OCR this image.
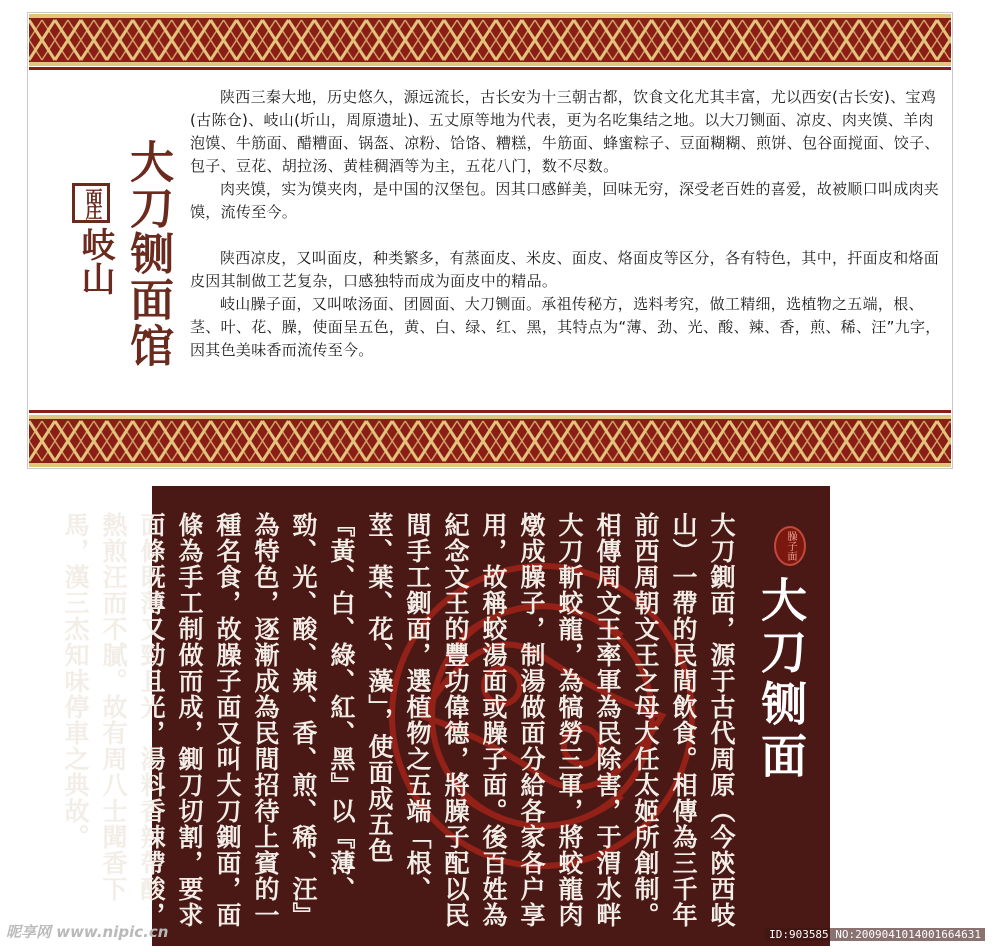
面庄
岐山 大刀铡面馆

陕西三秦大地，历史悠久，源远流长，古长安为十三朝古都，饮食文化尤其丰富，尤以西安(古长安)、宝鸡(古陈仓)、岐山(圻山，周原遗址)、五丈原等地为代表，更为名吃集结之地。以大刀铡面、凉皮、肉夹馍、羊肉泡馍、牛筋面、醋糟面、锅盔、凉粉、饸饹、糟糕，牛筋面、蜂蜜粽子、豆面糊糊、煎饼、包谷面搅面、饺子、包子、豆花、胡拉汤、黄桂稠酒等为主，五花八门，数不尽数。

肉夹馍，实为馍夹肉，是中国的汉堡包。因其口感鲜美，回味无穷，深受老百姓的喜爱，故被顺口叫成肉夹馍，流传至今。

陕西凉皮，又叫面皮，种类繁多，有蒸面皮、米皮、面皮、烙面皮等区分，各有特色，其中，扞面皮和烙面皮因其制做工艺复杂，口感独特而成为面皮中的精品。

岐山臊子面，又叫哝汤面、团圆面、大刀铡面。承祖传秘方，选料考究，做工精细，选植物之五端，根、茎、叶、花、臊，使面呈五色，黄、白、绿、红、黑，其特点为“薄、劲、光、酸、辣、香，煎、稀、汪”九字，因其色美味香而流传至今。

臊子面
大刀铡面
大刀鍘面，源于古代周原（今陝西岐山）一帶的民間飲食。相傳為三千年前西周朝文王之母大任太姬所創制。相傳周文王率軍為民除害，于渭水畔大刀斬蛟龍，為犒勞三軍，將蛟龍肉燉成臊子，制湯做面分給各家各户享用，故稱蛟湯面或臊子面。後百姓為紀念文王的豐功偉德，將臊子配以民間手工鍘面，選植物之五端「根、莖、葉、花、藻」，使面成五色『黃、白、綠、紅、黑』以『薄、勁、光、酸、辣、香、煎、稀、汪』為特色，逐漸成為民間招待上賓的一種名食，故臊子面又叫大刀鍘面，面條為手工制做而成，鍘刀切割，要求面條既薄又勁且光，湯料香辣帶酸，熱煎汪而不膩。故有周八士聞香下馬，漢三杰知味停車之典故。
昵享网 www.nipic.cn	ID:903585 NO:20090410140016646​31
